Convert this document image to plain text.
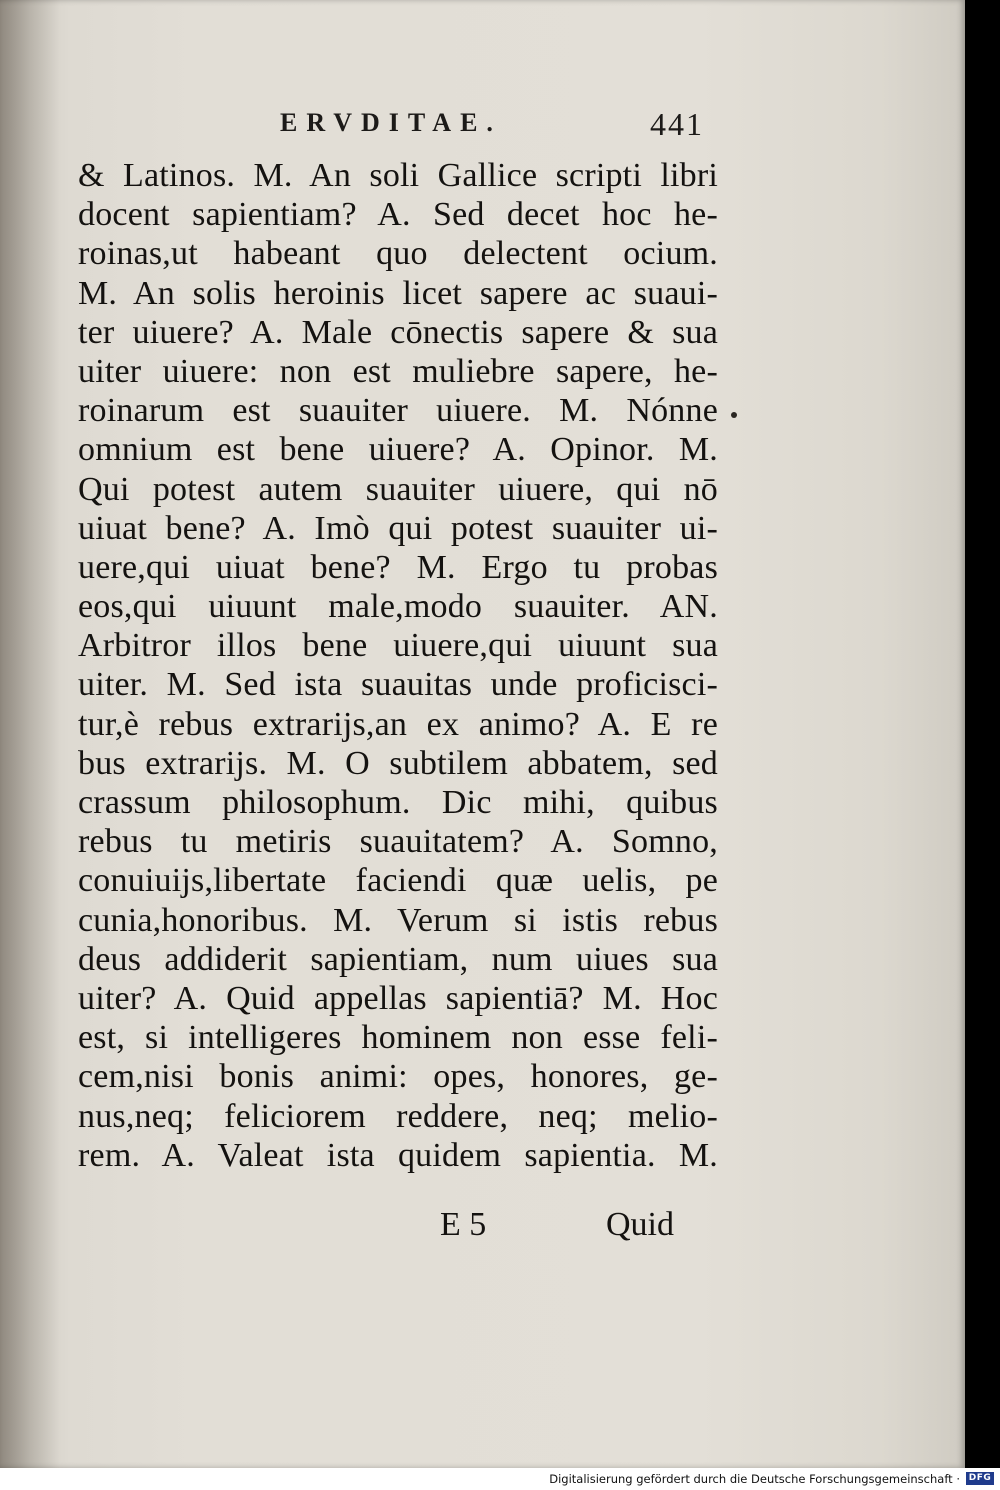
ERVDITAE.	441
& Latinos. M. An soli Gallice scripti libri
docent sapientiam? A. Sed decet hoc he-
roinas,ut habeant quo delectent ocium.
M. An solis heroinis licet sapere ac suaui-
ter uiuere? A. Male cōnectis sapere & sua
uiter uiuere: non est muliebre sapere, he-
roinarum est suauiter uiuere. M. Nónne
omnium est bene uiuere? A. Opinor. M.
Qui potest autem suauiter uiuere, qui nō
uiuat bene? A. Imò qui potest suauiter ui-
uere,qui uiuat bene? M. Ergo tu probas
eos,qui uiuunt male,modo suauiter. AN.
Arbitror illos bene uiuere,qui uiuunt sua
uiter. M. Sed ista suauitas unde proficisci-
tur,è rebus extrarijs,an ex animo? A. E re
bus extrarijs. M. O subtilem abbatem, sed
crassum philosophum. Dic mihi, quibus
rebus tu metiris suauitatem? A. Somno,
conuiuijs,libertate faciendi quæ uelis, pe
cunia,honoribus. M. Verum si istis rebus
deus addiderit sapientiam, num uiues sua
uiter? A. Quid appellas sapientiā? M. Hoc
est, si intelligeres hominem non esse feli-
cem,nisi bonis animi: opes, honores, ge-
nus,neq; feliciorem reddere, neq; melio-
rem. A. Valeat ista quidem sapientia. M.
E 5	Quid
Digitalisierung gefördert durch die Deutsche Forschungsgemeinschaft · DFG
